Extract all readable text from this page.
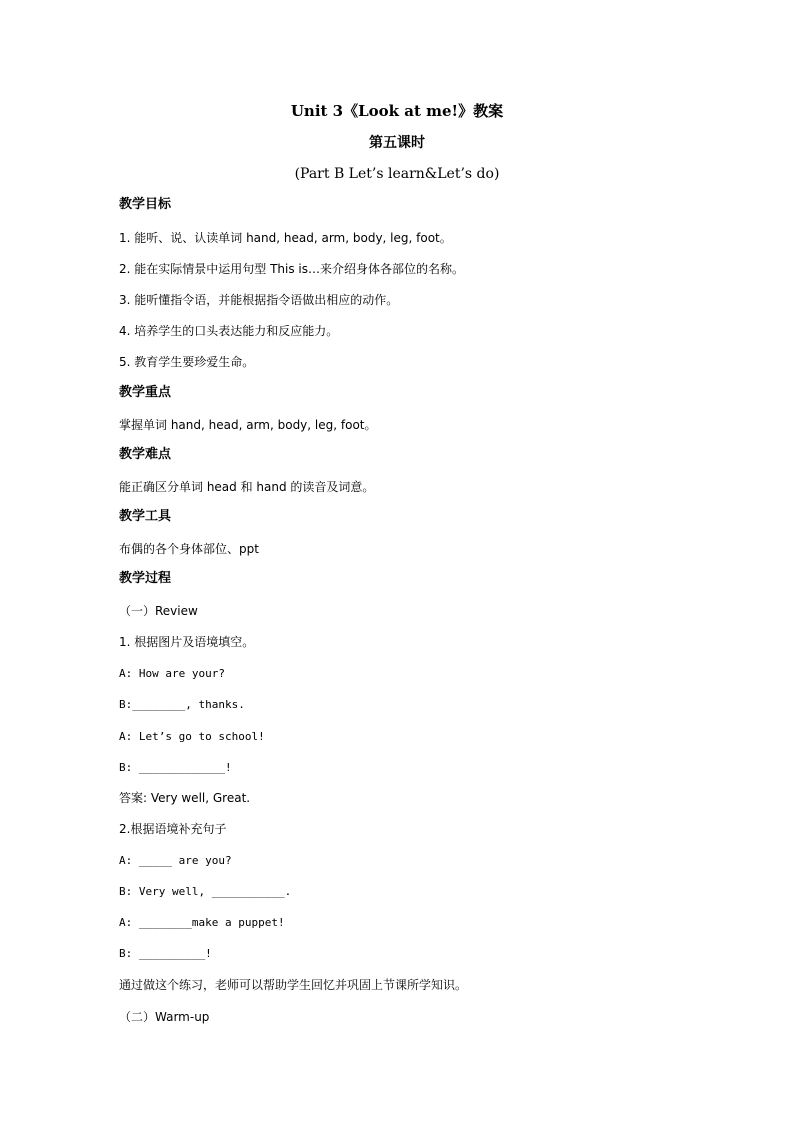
Unit 3《Look at me!》教案
第五课时
(Part B Let’s learn&Let’s do)
教学目标
1. 能听、说、认读单词 hand, head, arm, body, leg, foot。
2. 能在实际情景中运用句型 This is…来介绍身体各部位的名称。
3. 能听懂指令语，并能根据指令语做出相应的动作。
4. 培养学生的口头表达能力和反应能力。
5. 教育学生要珍爱生命。
教学重点
掌握单词 hand, head, arm, body, leg, foot。
教学难点
能正确区分单词 head 和 hand 的读音及词意。
教学工具
布偶的各个身体部位、ppt
教学过程
（一）Review
1. 根据图片及语境填空。
A: How are your?
B:________, thanks.
A: Let’s go to school!
B: _____________!
答案: Very well, Great.
2.根据语境补充句子
A: _____ are you?
B: Very well, ___________.
A: ________make a puppet!
B: __________!
通过做这个练习，老师可以帮助学生回忆并巩固上节课所学知识。
（二）Warm-up
